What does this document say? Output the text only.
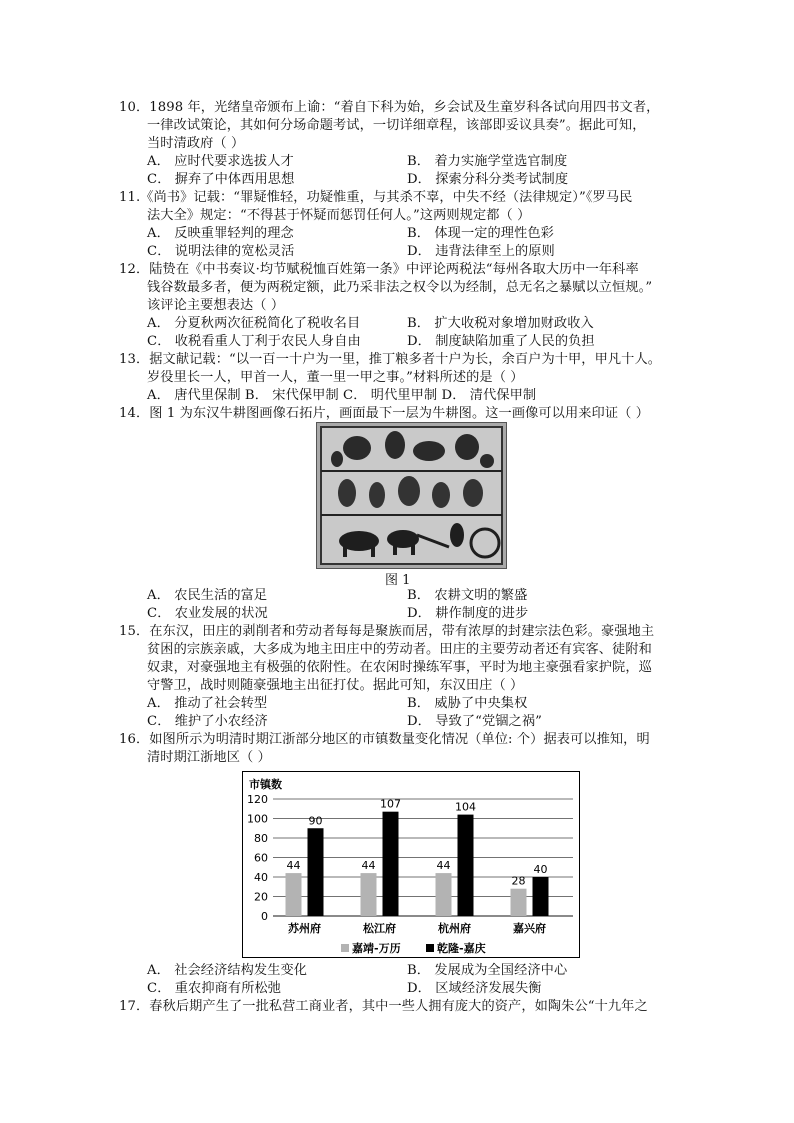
10．1898 年，光绪皇帝颁布上谕：“着自下科为始，乡会试及生童岁科各试向用四书文者，
一律改试策论，其如何分场命题考试，一切详细章程，该部即妥议具奏”。据此可知，
当时清政府（ ）
A． 应时代要求选拔人才	B． 着力实施学堂选官制度
C． 摒弃了中体西用思想	D． 探索分科分类考试制度
11.《尚书》记载：“罪疑惟轻，功疑惟重，与其杀不辜，中失不经（法律规定）”《罗马民
法大全》规定：“不得甚于怀疑而惩罚任何人。”这两则规定都（ ）
A． 反映重罪轻判的理念	B． 体现一定的理性色彩
C． 说明法律的宽松灵活	D． 违背法律至上的原则
12．陆贽在《中书奏议·均节赋税恤百姓第一条》中评论两税法“每州各取大历中一年科率
钱谷数最多者，便为两税定额，此乃采非法之权令以为经制，总无名之暴赋以立恒规。”
该评论主要想表达（ ）
A． 分夏秋两次征税简化了税收名目	B． 扩大收税对象增加财政收入
C． 收税看重人丁利于农民人身自由	D． 制度缺陷加重了人民的负担
13．据文献记载：“以一百一十户为一里，推丁粮多者十户为长，余百户为十甲，甲凡十人。
岁役里长一人，甲首一人，董一里一甲之事。”材料所述的是（ ）
A． 唐代里保制 B． 宋代保甲制 C． 明代里甲制 D． 清代保甲制
14．图 1 为东汉牛耕图画像石拓片，画面最下一层为牛耕图。这一画像可以用来印证（ ）
图 1
A． 农民生活的富足	B． 农耕文明的繁盛
C． 农业发展的状况	D． 耕作制度的进步
15．在东汉，田庄的剥削者和劳动者每每是聚族而居，带有浓厚的封建宗法色彩。豪强地主
贫困的宗族亲戚，大多成为地主田庄中的劳动者。田庄的主要劳动者还有宾客、徒附和
奴隶，对豪强地主有极强的依附性。在农闲时操练军事，平时为地主豪强看家护院，巡
守警卫，战时则随豪强地主出征打仗。据此可知，东汉田庄（ ）
A． 推动了社会转型	B． 威胁了中央集权
C． 维护了小农经济	D． 导致了“党锢之祸”
16．如图所示为明清时期江浙部分地区的市镇数量变化情况（单位: 个）据表可以推知，明
清时期江浙地区（ ）
市镇数
0
20
40
60
80
100
120
44
90
44
107
44
104
28
40
苏州府	松江府	杭州府	嘉兴府
嘉靖-万历	乾隆-嘉庆
A． 社会经济结构发生变化	B． 发展成为全国经济中心
C． 重农抑商有所松弛	D． 区域经济发展失衡
17．春秋后期产生了一批私营工商业者，其中一些人拥有庞大的资产，如陶朱公“十九年之
